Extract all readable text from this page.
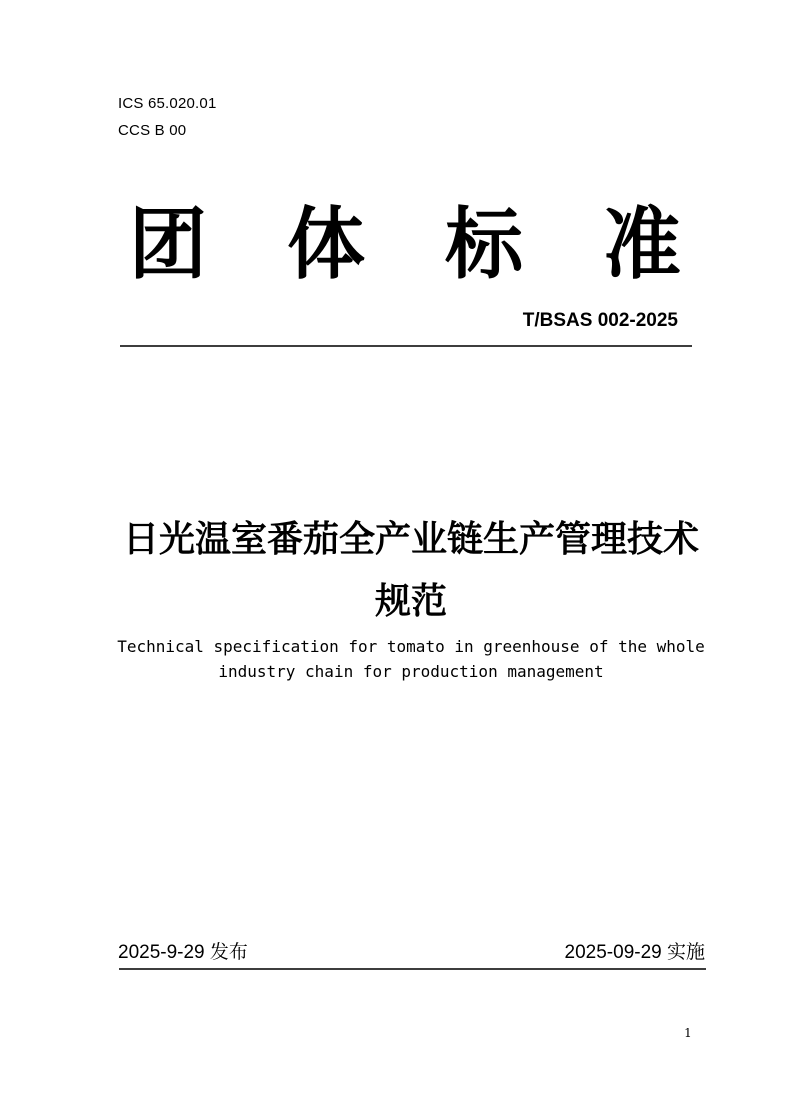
ICS 65.020.01
CCS B 00
团 体 标 准
T/BSAS 002-2025
日光温室番茄全产业链生产管理技术
规范
Technical specification for tomato in greenhouse of the whole
industry chain for production management
2025-9-29 发布	2025-09-29 实施
1
